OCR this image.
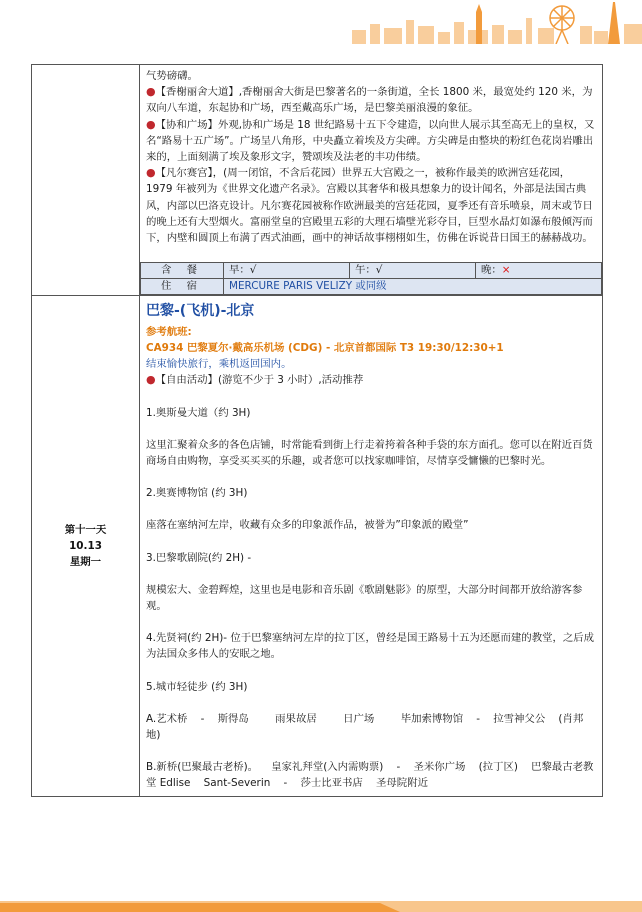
气势磅礴。

●【香榭丽舍大道】,香榭丽舍大街是巴黎著名的一条街道，全长 1800 米，最宽处约 120 米，为双向八车道，东起协和广场，西至戴高乐广场，是巴黎美丽浪漫的象征。

●【协和广场】外观,协和广场是 18 世纪路易十五下令建造，以向世人展示其至高无上的皇权，又名“路易十五广场”。广场呈八角形，中央矗立着埃及方尖碑。方尖碑是由整块的粉红色花岗岩雕出来的，上面刻满了埃及象形文字，赞颂埃及法老的丰功伟绩。

●【凡尔赛宫】，(周一闭馆，不含后花园）世界五大宫殿之一，被称作最美的欧洲宫廷花园，1979 年被列为《世界文化遗产名录》。宫殿以其奢华和极具想象力的设计闻名，外部是法国古典风，内部以巴洛克设计。凡尔赛花园被称作欧洲最美的宫廷花园，夏季还有音乐喷泉，周末或节日的晚上还有大型烟火。富丽堂皇的宫殿里五彩的大理石墙壁光彩夺目，巨型水晶灯如瀑布般倾泻而下，内壁和圆顶上布满了西式油画，画中的神话故事栩栩如生，仿佛在诉说昔日国王的赫赫战功。

含 餐	早：√	午：√	晚：×
住 宿	MERCURE PARIS VELIZY 或同级

第十一天
10.13
星期一

巴黎-(飞机)-北京

参考航班:

CA934 巴黎夏尔·戴高乐机场 (CDG) - 北京首都国际 T3 19:30/12:30+1

结束愉快旅行，乘机返回国内。

●【自由活动】(游览不少于 3 小时）,活动推荐

1.奥斯曼大道（约 3H)

这里汇聚着众多的各色店铺，时常能看到街上行走着挎着各种手袋的东方面孔。您可以在附近百货商场自由购物，享受买买买的乐趣，或者您可以找家咖啡馆，尽情享受慵懒的巴黎时光。

2.奥赛博物馆 (约 3H)

座落在塞纳河左岸，收藏有众多的印象派作品，被誉为”印象派的殿堂”

3.巴黎歌剧院(约 2H) -

规模宏大、金碧辉煌，这里也是电影和音乐剧《歌剧魅影》的原型，大部分时间都开放给游客参观。

4.先贤祠(约 2H)- 位于巴黎塞纳河左岸的拉丁区，曾经是国王路易十五为还愿而建的教堂，之后成为法国众多伟人的安眠之地。

5.城市轻徒步 (约 3H)

A.艺术桥    -    斯得岛        雨果故居        日广场        毕加索博物馆    -    拉雪神父公    (肖邦地)

B.新桥(巴聚最古老桥)。    皇家礼拜堂(入内需购票)    -    圣米你广场    (拉丁区)    巴黎最古老教堂 Edlise    Sant-Severin    -    莎士比亚书店    圣母院附近
